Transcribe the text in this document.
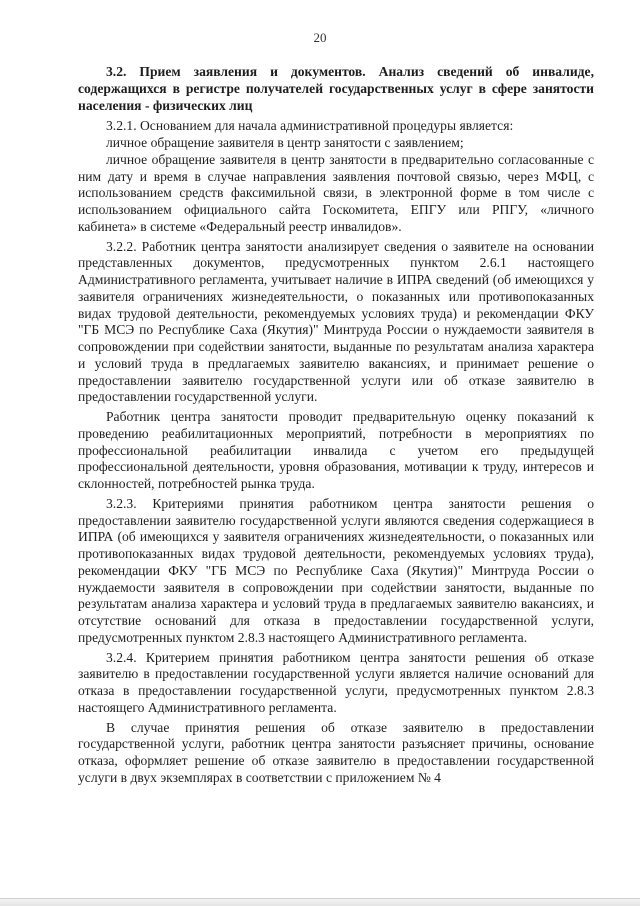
20

3.2. Прием заявления и документов. Анализ сведений об инвалиде, содержащихся в регистре получателей государственных услуг в сфере занятости населения - физических лиц

3.2.1. Основанием для начала административной процедуры является:

личное обращение заявителя в центр занятости с заявлением;

личное обращение заявителя в центр занятости в предварительно согласованные с ним дату и время в случае направления заявления почтовой связью, через МФЦ, с использованием средств факсимильной связи, в электронной форме в том числе с использованием официального сайта Госкомитета, ЕПГУ или РПГУ, «личного кабинета» в системе «Федеральный реестр инвалидов».

3.2.2. Работник центра занятости анализирует сведения о заявителе на основании представленных документов, предусмотренных пунктом 2.6.1 настоящего Административного регламента, учитывает наличие в ИПРА сведений (об имеющихся у заявителя ограничениях жизнедеятельности, о показанных или противопоказанных видах трудовой деятельности, рекомендуемых условиях труда) и рекомендации ФКУ "ГБ МСЭ по Республике Саха (Якутия)" Минтруда России о нуждаемости заявителя в сопровождении при содействии занятости, выданные по результатам анализа характера и условий труда в предлагаемых заявителю вакансиях, и принимает решение о предоставлении заявителю государственной услуги или об отказе заявителю в предоставлении государственной услуги.

Работник центра занятости проводит предварительную оценку показаний к проведению реабилитационных мероприятий, потребности в мероприятиях по профессиональной реабилитации инвалида с учетом его предыдущей профессиональной деятельности, уровня образования, мотивации к труду, интересов и склонностей, потребностей рынка труда.

3.2.3. Критериями принятия работником центра занятости решения о предоставлении заявителю государственной услуги являются сведения содержащиеся в ИПРА (об имеющихся у заявителя ограничениях жизнедеятельности, о показанных или противопоказанных видах трудовой деятельности, рекомендуемых условиях труда), рекомендации ФКУ "ГБ МСЭ по Республике Саха (Якутия)" Минтруда России о нуждаемости заявителя в сопровождении при содействии занятости, выданные по результатам анализа характера и условий труда в предлагаемых заявителю вакансиях, и отсутствие оснований для отказа в предоставлении государственной услуги, предусмотренных пунктом 2.8.3 настоящего Административного регламента.

3.2.4. Критерием принятия работником центра занятости решения об отказе заявителю в предоставлении государственной услуги является наличие оснований для отказа в предоставлении государственной услуги, предусмотренных пунктом 2.8.3 настоящего Административного регламента.

В случае принятия решения об отказе заявителю в предоставлении государственной услуги, работник центра занятости разъясняет причины, основание отказа, оформляет решение об отказе заявителю в предоставлении государственной услуги в двух экземплярах в соответствии с приложением № 4
